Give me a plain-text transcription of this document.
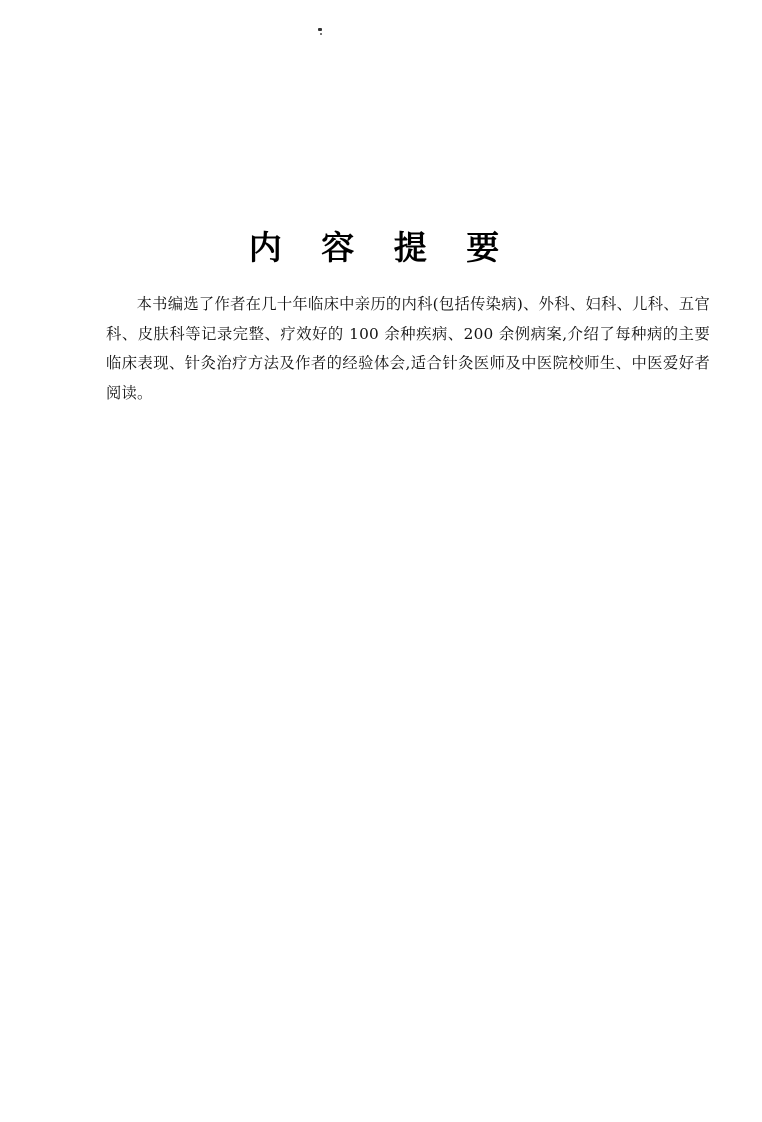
内 容 提 要

本书编选了作者在几十年临床中亲历的内科(包括传染病)、外科、妇科、儿科、五官科、皮肤科等记录完整、疗效好的 100 余种疾病、200 余例病案,介绍了每种病的主要临床表现、针灸治疗方法及作者的经验体会,适合针灸医师及中医院校师生、中医爱好者阅读。
